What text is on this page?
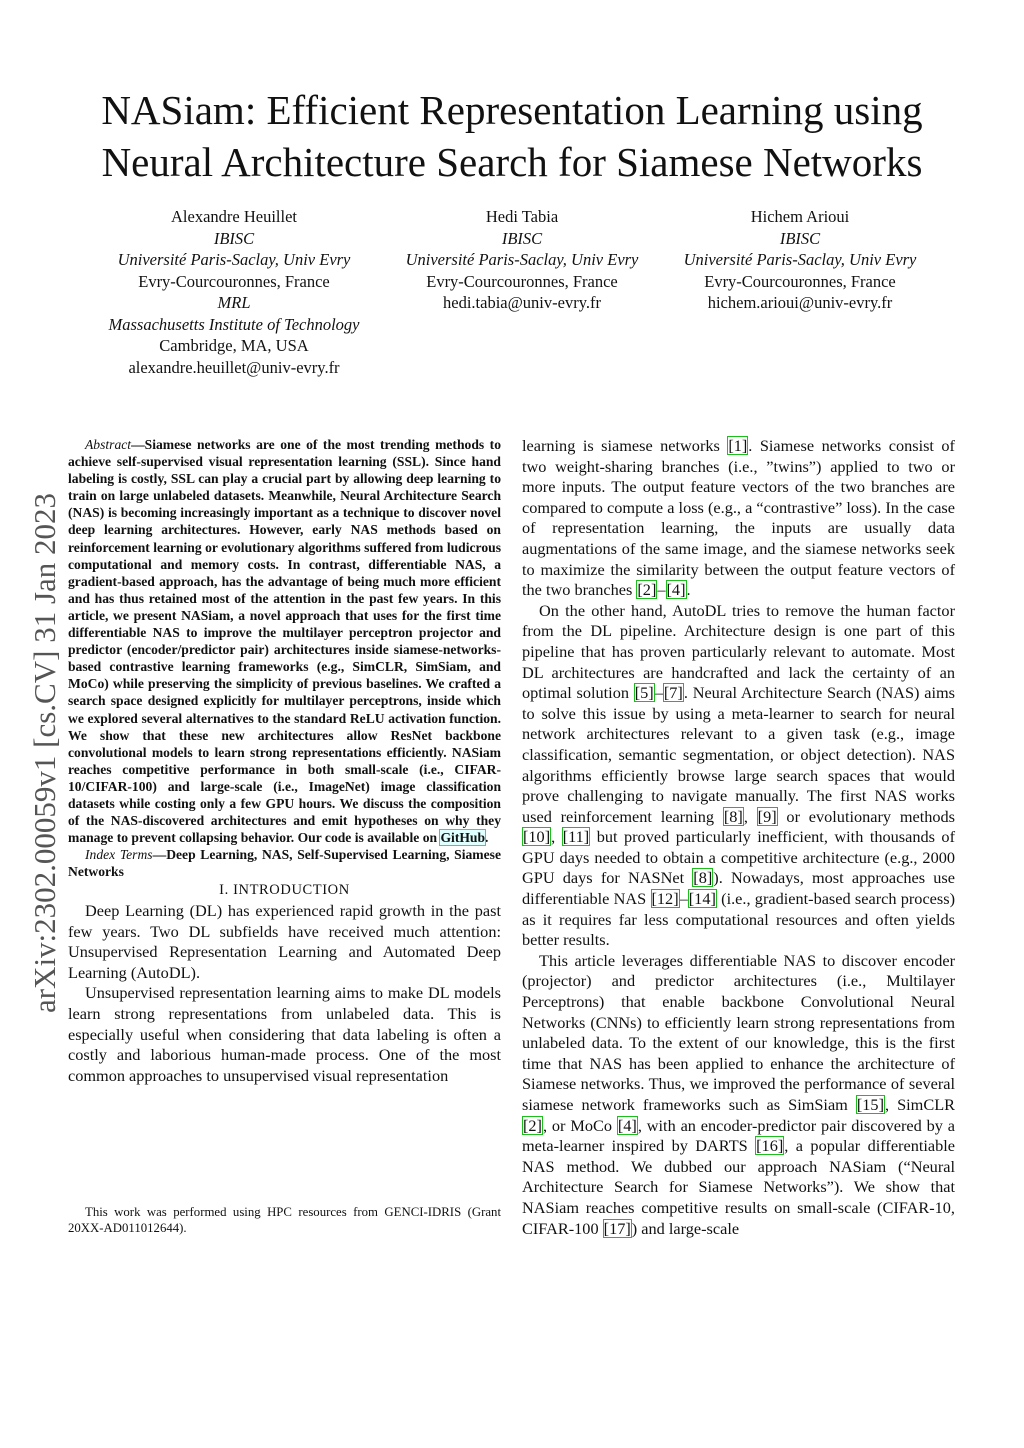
arXiv:2302.00059v1 [cs.CV] 31 Jan 2023
NASiam: Efficient Representation Learning using Neural Architecture Search for Siamese Networks
Alexandre Heuillet
IBISC
Université Paris-Saclay, Univ Evry
Evry-Courcouronnes, France
MRL
Massachusetts Institute of Technology
Cambridge, MA, USA
alexandre.heuillet@univ-evry.fr
Hedi Tabia
IBISC
Université Paris-Saclay, Univ Evry
Evry-Courcouronnes, France
hedi.tabia@univ-evry.fr
Hichem Arioui
IBISC
Université Paris-Saclay, Univ Evry
Evry-Courcouronnes, France
hichem.arioui@univ-evry.fr

Abstract—Siamese networks are one of the most trending methods to achieve self-supervised visual representation learning (SSL). Since hand labeling is costly, SSL can play a crucial part by allowing deep learning to train on large unlabeled datasets. Meanwhile, Neural Architecture Search (NAS) is becoming increasingly important as a technique to discover novel deep learning architectures. However, early NAS methods based on reinforcement learning or evolutionary algorithms suffered from ludicrous computational and memory costs. In contrast, differentiable NAS, a gradient-based approach, has the advantage of being much more efficient and has thus retained most of the attention in the past few years. In this article, we present NASiam, a novel approach that uses for the first time differentiable NAS to improve the multilayer perceptron projector and predictor (encoder/predictor pair) architectures inside siamese-networks-based contrastive learning frameworks (e.g., SimCLR, SimSiam, and MoCo) while preserving the simplicity of previous baselines. We crafted a search space designed explicitly for multilayer perceptrons, inside which we explored several alternatives to the standard ReLU activation function. We show that these new architectures allow ResNet backbone convolutional models to learn strong representations efficiently. NASiam reaches competitive performance in both small-scale (i.e., CIFAR-10/CIFAR-100) and large-scale (i.e., ImageNet) image classification datasets while costing only a few GPU hours. We discuss the composition of the NAS-discovered architectures and emit hypotheses on why they manage to prevent collapsing behavior. Our code is available on GitHub.

Index Terms—Deep Learning, NAS, Self-Supervised Learning, Siamese Networks

I. INTRODUCTION

Deep Learning (DL) has experienced rapid growth in the past few years. Two DL subfields have received much attention: Unsupervised Representation Learning and Automated Deep Learning (AutoDL).

Unsupervised representation learning aims to make DL models learn strong representations from unlabeled data. This is especially useful when considering that data labeling is often a costly and laborious human-made process. One of the most common approaches to unsupervised visual representation

This work was performed using HPC resources from GENCI-IDRIS (Grant 20XX-AD011012644).

learning is siamese networks [1]. Siamese networks consist of two weight-sharing branches (i.e., ”twins”) applied to two or more inputs. The output feature vectors of the two branches are compared to compute a loss (e.g., a “contrastive” loss). In the case of representation learning, the inputs are usually data augmentations of the same image, and the siamese networks seek to maximize the similarity between the output feature vectors of the two branches [2]–[4].

On the other hand, AutoDL tries to remove the human factor from the DL pipeline. Architecture design is one part of this pipeline that has proven particularly relevant to automate. Most DL architectures are handcrafted and lack the certainty of an optimal solution [5]–[7]. Neural Architecture Search (NAS) aims to solve this issue by using a meta-learner to search for neural network architectures relevant to a given task (e.g., image classification, semantic segmentation, or object detection). NAS algorithms efficiently browse large search spaces that would prove challenging to navigate manually. The first NAS works used reinforcement learning [8], [9] or evolutionary methods [10], [11] but proved particularly inefficient, with thousands of GPU days needed to obtain a competitive architecture (e.g., 2000 GPU days for NASNet [8]). Nowadays, most approaches use differentiable NAS [12]–[14] (i.e., gradient-based search process) as it requires far less computational resources and often yields better results.

This article leverages differentiable NAS to discover encoder (projector) and predictor architectures (i.e., Multilayer Perceptrons) that enable backbone Convolutional Neural Networks (CNNs) to efficiently learn strong representations from unlabeled data. To the extent of our knowledge, this is the first time that NAS has been applied to enhance the architecture of Siamese networks. Thus, we improved the performance of several siamese network frameworks such as SimSiam [15], SimCLR [2], or MoCo [4], with an encoder-predictor pair discovered by a meta-learner inspired by DARTS [16], a popular differentiable NAS method. We dubbed our approach NASiam (“Neural Architecture Search for Siamese Networks”). We show that NASiam reaches competitive results on small-scale (CIFAR-10, CIFAR-100 [17]) and large-scale
